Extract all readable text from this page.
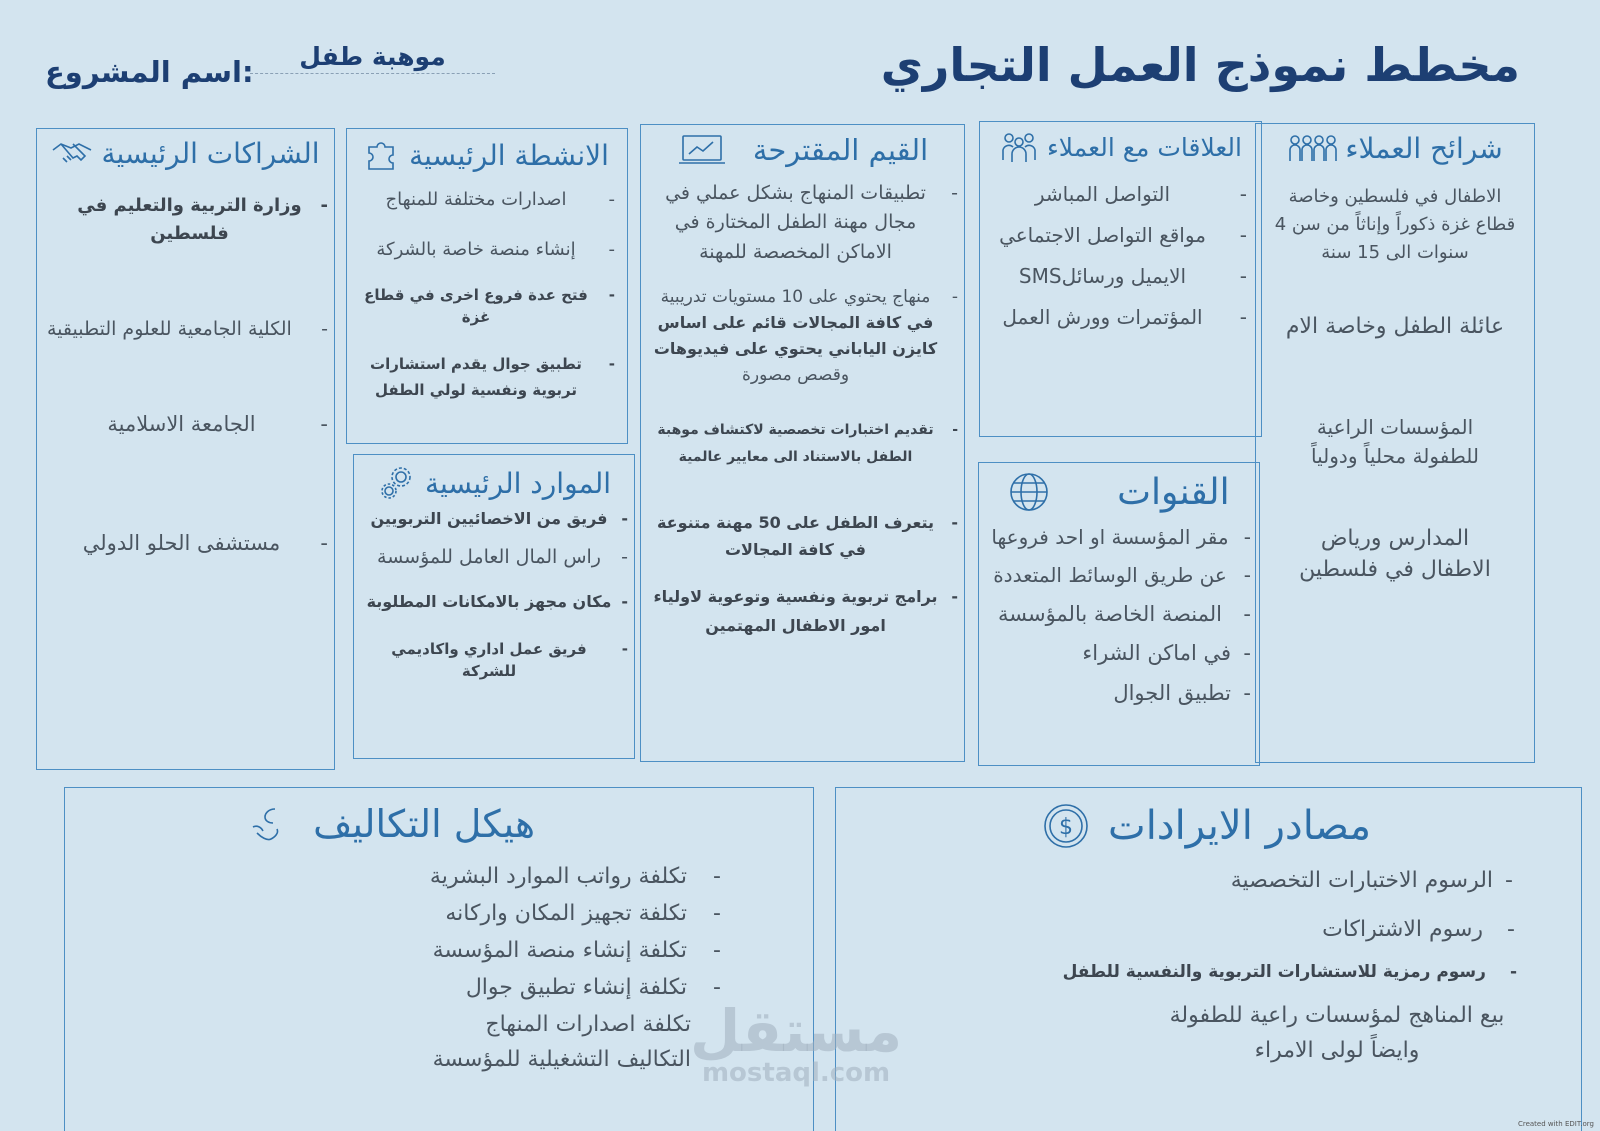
مخطط نموذج العمل التجاري
موهبة طفل
:اسم المشروع
شرائح العملاء
الاطفال في فلسطين وخاصة قطاع غزة ذكوراً وإناثاً من سن 4 سنوات الى 15 سنة
عائلة الطفل وخاصة الام
المؤسسات الراعية للطفولة محلياً ودولياً
المدارس ورياض الاطفال في فلسطين
العلاقات مع العملاء
- التواصل المباشر
- مواقع التواصل الاجتماعي
- الايميل ورسائلSMS
- المؤتمرات وورش العمل
القنوات
- مقر المؤسسة او احد فروعها
- عن طريق الوسائط المتعددة
- المنصة الخاصة بالمؤسسة
- في اماكن الشراء
- تطبيق الجوال
القيم المقترحة
- تطبيقات المنهاج بشكل عملي في مجال مهنة الطفل المختارة في الاماكن المخصصة للمهنة
- منهاج يحتوي على 10 مستويات تدريبية
في كافة المجالات قائم على اساس كايزن الياباني يحتوي على فيديوهات
وقصص مصورة
- تقديم اختبارات تخصصية لاكتشاف موهبة الطفل بالاستناد الى معايير عالمية
- يتعرف الطفل على 50 مهنة متنوعة في كافة المجالات
- برامج تربوية ونفسية وتوعوية لاولياء امور الاطفال المهتمين
الانشطة الرئيسية
- اصدارات مختلفة للمنهاج
- إنشاء منصة خاصة بالشركة
- فتح عدة فروع اخرى في قطاع غزة
- تطبيق جوال يقدم استشارات تربوية ونفسية لولي الطفل
الموارد الرئيسية
- فريق من الاخصائيين التربويين
- راس المال العامل للمؤسسة
- مكان مجهز بالامكانات المطلوبة
- فريق عمل اداري واكاديمي للشركة
الشراكات الرئيسية
- وزارة التربية والتعليم في فلسطين
- الكلية الجامعية للعلوم التطبيقية
- الجامعة الاسلامية
- مستشفى الحلو الدولي
مصادر الايرادات
$
-الرسوم الاختبارات التخصصية
-رسوم الاشتراكات
-رسوم رمزية للاستشارات التربوية والنفسية للطفل
بيع المناهج لمؤسسات راعية للطفولة وايضاً لولى الامراء
هيكل التكاليف
-تكلفة رواتب الموارد البشرية
-تكلفة تجهيز المكان واركانه
-تكلفة إنشاء منصة المؤسسة
-تكلفة إنشاء تطبيق جوال
تكلفة اصدارات المنهاج
التكاليف التشغيلية للمؤسسة مستقل
mostaql.com
Created with EDIT.org
